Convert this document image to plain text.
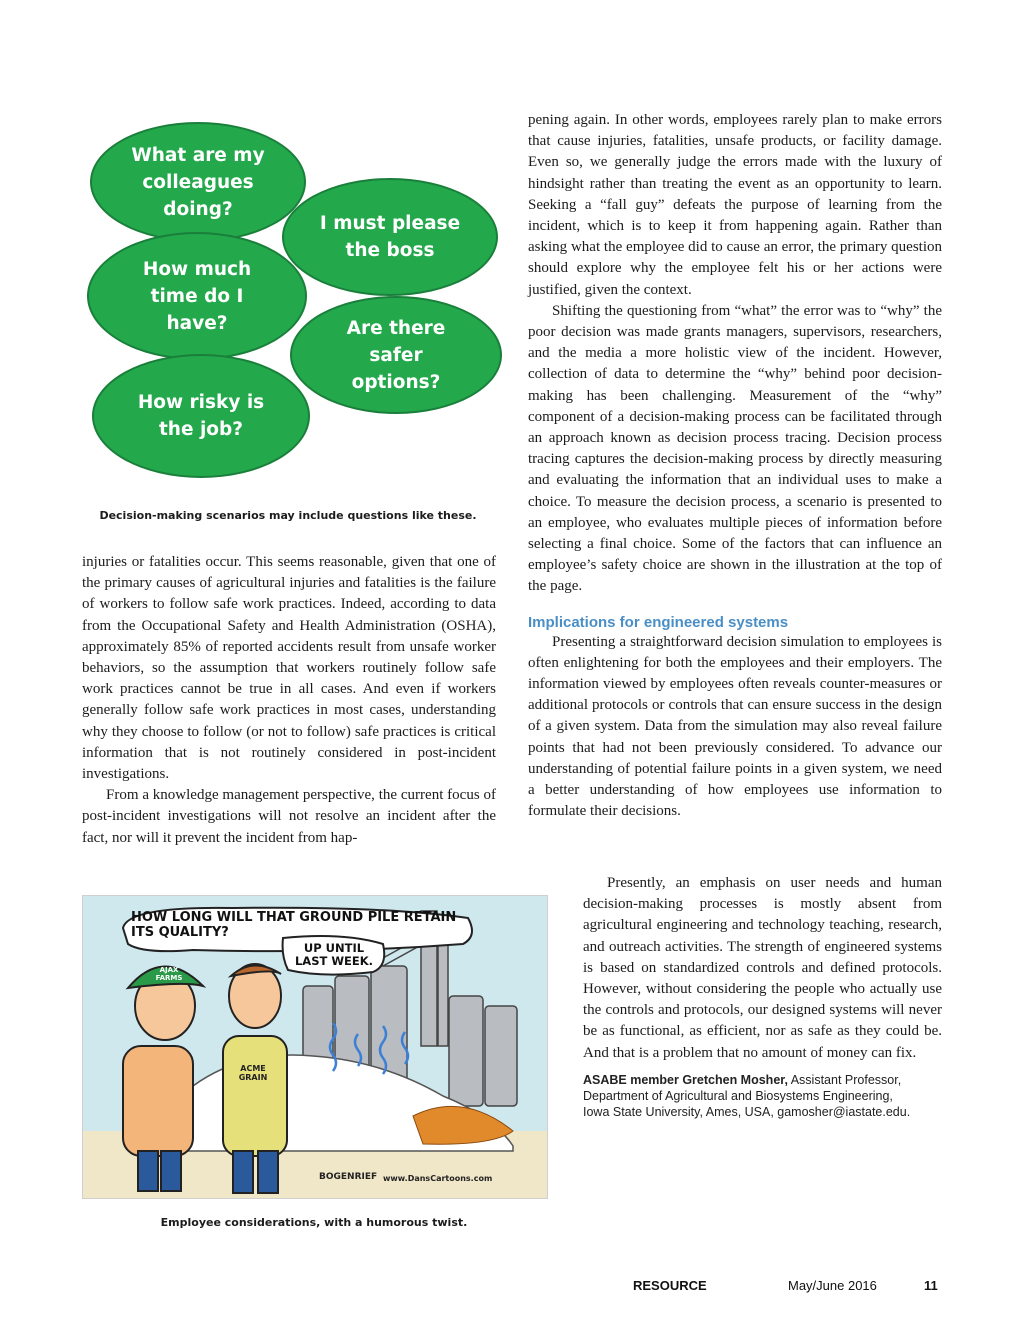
What are my
colleagues
doing?
I must please
the boss
How much
time do I
have?	Are there
safer
options?
How risky is
the job?
Decision-making scenarios may include questions like these.

injuries or fatalities occur. This seems reasonable, given that one of the primary causes of agricultural injuries and fatalities is the failure of workers to follow safe work practices. Indeed, according to data from the Occupational Safety and Health Administration (OSHA), approximately 85% of reported accidents result from unsafe worker behaviors, so the assumption that workers routinely follow safe work practices cannot be true in all cases. And even if workers generally follow safe work practices in most cases, understanding why they choose to follow (or not to follow) safe practices is critical information that is not routinely considered in post-incident investigations.

From a knowledge management perspective, the current focus of post-incident investigations will not resolve an incident after the fact, nor will it prevent the incident from hap-

pening again. In other words, employees rarely plan to make errors that cause injuries, fatalities, unsafe products, or facility damage. Even so, we generally judge the errors made with the luxury of hindsight rather than treating the event as an opportunity to learn. Seeking a “fall guy” defeats the purpose of learning from the incident, which is to keep it from happening again. Rather than asking what the employee did to cause an error, the primary question should explore why the employee felt his or her actions were justified, given the context.

Shifting the questioning from “what” the error was to “why” the poor decision was made grants managers, supervisors, researchers, and the media a more holistic view of the incident. However, collection of data to determine the “why” behind poor decision-making has been challenging. Measurement of the “why” component of a decision-making process can be facilitated through an approach known as decision process tracing. Decision process tracing captures the decision-making process by directly measuring and evaluating the information that an individual uses to make a choice. To measure the decision process, a scenario is presented to an employee, who evaluates multiple pieces of information before selecting a final choice. Some of the factors that can influence an employee’s safety choice are shown in the illustration at the top of the page.

Implications for engineered systems

Presenting a straightforward decision simulation to employees is often enlightening for both the employees and their employers. The information viewed by employees often reveals counter-measures or additional protocols or controls that can ensure success in the design of a given system. Data from the simulation may also reveal failure points that had not been previously considered. To advance our understanding of potential failure points in a given system, we need a better understanding of how employees use information to formulate their decisions.

Presently, an emphasis on user needs and human decision-making processes is mostly absent from agricultural engineering and technology teaching, research, and outreach activities. The strength of engineered systems is based on standardized controls and defined protocols. However, without considering the people who actually use the controls and protocols, our designed systems will never be as functional, as efficient, nor as safe as they could be. And that is a problem that no amount of money can fix.

ASABE member Gretchen Mosher, Assistant Professor,
Department of Agricultural and Biosystems Engineering,
Iowa State University, Ames, USA, gamosher@iastate.edu.
HOW LONG WILL THAT GROUND PILE RETAIN ITS QUALITY?
UP UNTIL LAST WEEK.
AJAX FARMS
ACME GRAIN
BOGENRIEF www.DansCartoons.com
Employee considerations, with a humorous twist.
RESOURCE	May/June 2016	11
